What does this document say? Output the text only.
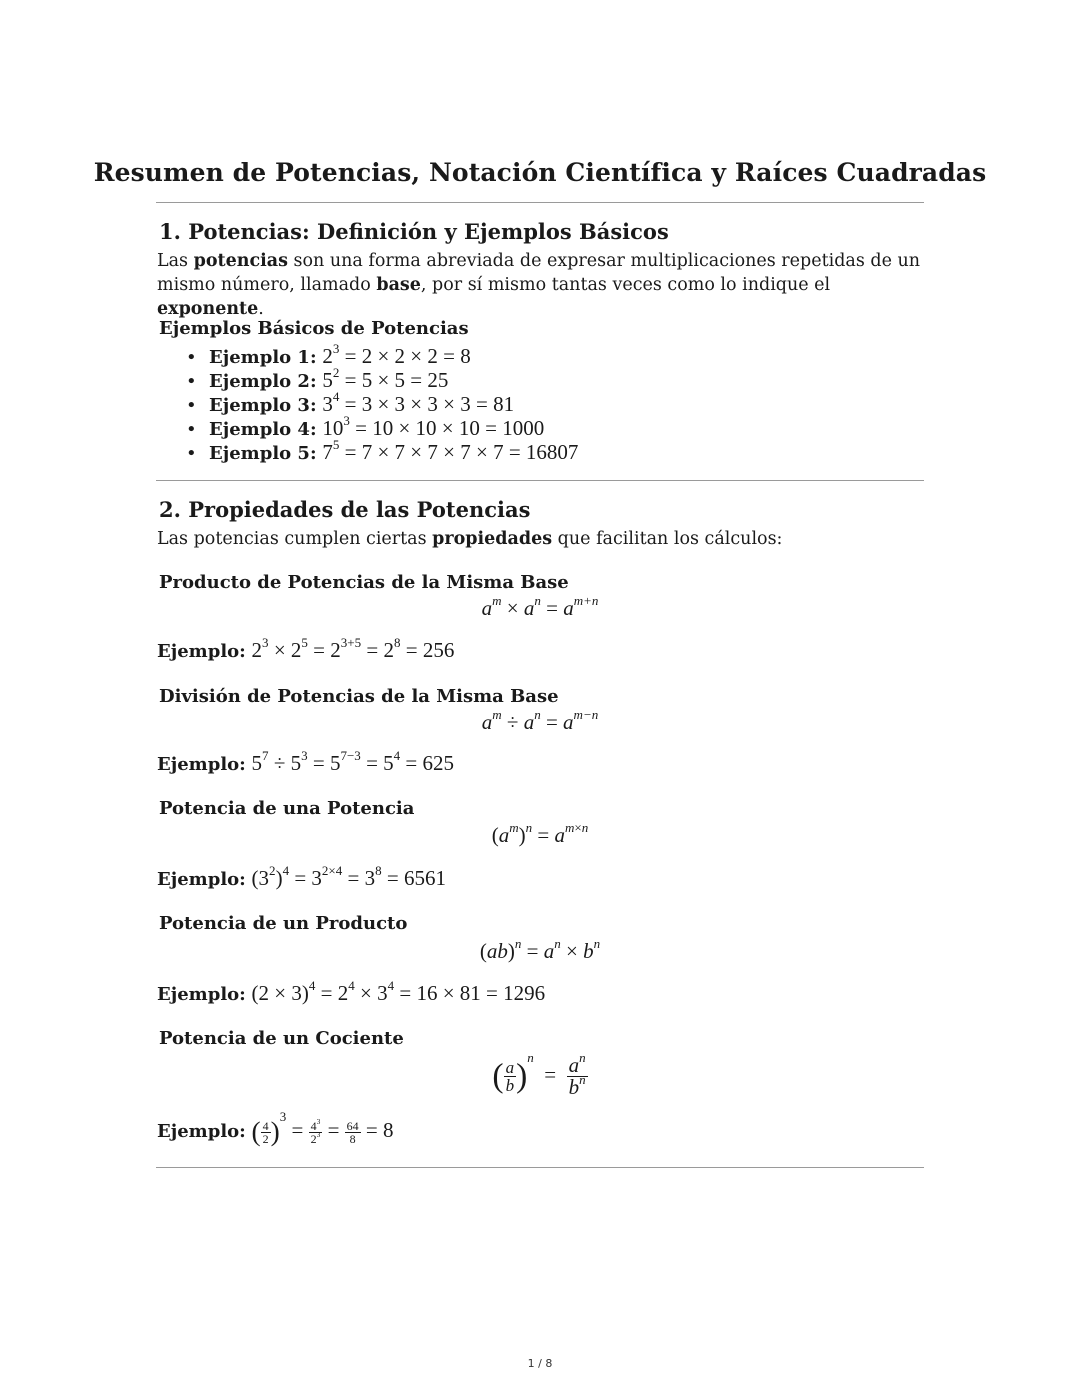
Resumen de Potencias, Notación Científica y Raíces Cuadradas
1. Potencias: Definición y Ejemplos Básicos
Las potencias son una forma abreviada de expresar multiplicaciones repetidas de un mismo número, llamado base, por sí mismo tantas veces como lo indique el exponente.
Ejemplos Básicos de Potencias
• Ejemplo 1: $2^3 = 2 \times 2 \times 2 = 8$
• Ejemplo 2: $5^2 = 5 \times 5 = 25$
• Ejemplo 3: $3^4 = 3 \times 3 \times 3 \times 3 = 81$
• Ejemplo 4: $10^3 = 10 \times 10 \times 10 = 1000$
• Ejemplo 5: $7^5 = 7 \times 7 \times 7 \times 7 \times 7 = 16807$
2. Propiedades de las Potencias
Las potencias cumplen ciertas propiedades que facilitan los cálculos:
Producto de Potencias de la Misma Base
$a^m \times a^n = a^{m+n}$
Ejemplo: $2^3 \times 2^5 = 2^{3+5} = 2^8 = 256$
División de Potencias de la Misma Base
$a^m \div a^n = a^{m-n}$
Ejemplo: $5^7 \div 5^3 = 5^{7-3} = 5^4 = 625$
Potencia de una Potencia
$(a^m)^n = a^{m\times n}$
Ejemplo: $(3^2)^4 = 3^{2\times 4} = 3^8 = 6561$
Potencia de un Producto
$(ab)^n = a^n \times b^n$
Ejemplo: $(2 \times 3)^4 = 2^4 \times 3^4 = 16 \times 81 = 1296$
Potencia de un Cociente
( $\frac{a}{b} )^n = \frac{a^n}{b^n}$
Ejemplo: ( $\frac{4}{2} )^3 = \frac{4^3}{2^3} = \frac{64}{8} = 8$
1 / 8
